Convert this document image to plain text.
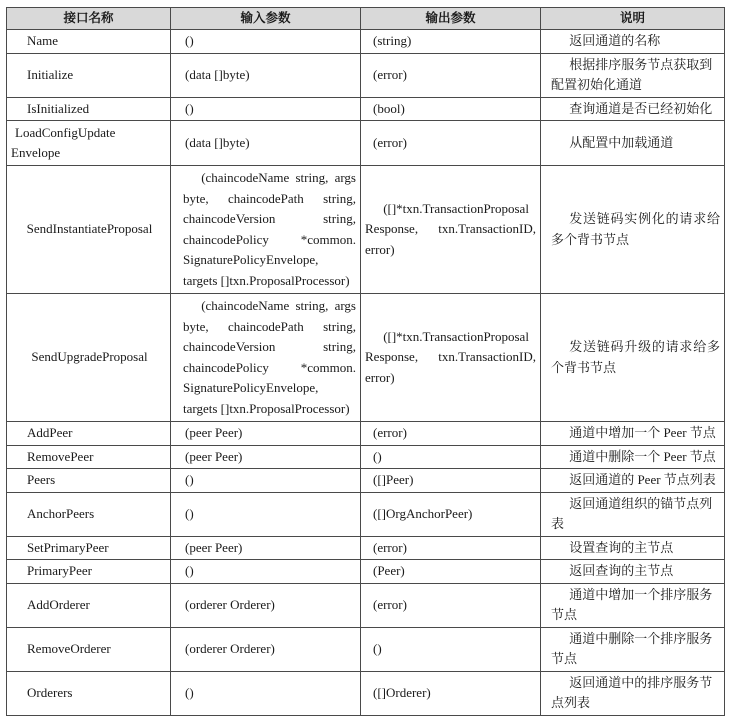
接口名称	输入参数	输出参数	说明
Name	()	(string)	返回通道的名称

Initialize	(data []byte)	(error)	根据排序服务节点获取到配置初始化通道

IsInitialized	()	(bool)	查询通道是否已经初始化

LoadConfigUpdate
Envelope	(data []byte)	(error)	从配置中加载通道

SendInstantiateProposal	(chaincodeName string, args byte, chaincodePath string, chaincodeVersion string, chaincodePolicy *common. SignaturePolicyEnvelope, targets []txn.ProposalProcessor)	([]*txn.TransactionProposal Response, txn.TransactionID, error)	发送链码实例化的请求给多个背书节点

SendUpgradeProposal	(chaincodeName string, args byte, chaincodePath string, chaincodeVersion string, chaincodePolicy *common. SignaturePolicyEnvelope, targets []txn.ProposalProcessor)	([]*txn.TransactionProposal Response, txn.TransactionID, error)	发送链码升级的请求给多个背书节点

AddPeer	(peer Peer)	(error)	通道中增加一个 Peer 节点

RemovePeer	(peer Peer)	()	通道中删除一个 Peer 节点

Peers	()	([]Peer)	返回通道的 Peer 节点列表

AnchorPeers	()	([]OrgAnchorPeer)	返回通道组织的锚节点列表

SetPrimaryPeer	(peer Peer)	(error)	设置查询的主节点

PrimaryPeer	()	(Peer)	返回查询的主节点

AddOrderer	(orderer Orderer)	(error)	通道中增加一个排序服务节点

RemoveOrderer	(orderer Orderer)	()	通道中删除一个排序服务节点

Orderers	()	([]Orderer)	返回通道中的排序服务节点列表
